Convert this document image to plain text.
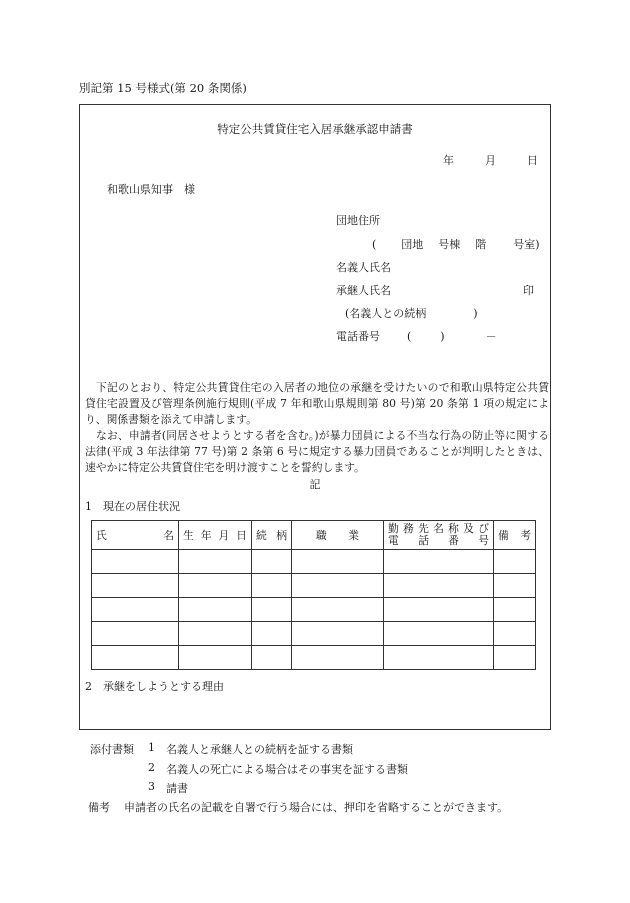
別記第 15 号様式(第 20 条関係)
特定公共賃貸住宅入居承継承認申請書
年	月	日
和歌山県知事　様
団地住所
( 団地 号棟 階 号室)
名義人氏名
承継人氏名	印
(名義人との続柄	)
電話番号 (	)	－
下記のとおり、特定公共賃貸住宅の入居者の地位の承継を受けたいので和歌山県特定公共賃貸住宅設置及び管理条例施行規則(平成 7 年和歌山県規則第 80 号)第 20 条第 1 項の規定により、関係書類を添えて申請します。
なお、申請者(同居させようとする者を含む。)が暴力団員による不当な行為の防止等に関する法律(平成 3 年法律第 77 号)第 2 条第 6 号に規定する暴力団員であることが判明したときは、速やかに特定公共賃貸住宅を明け渡すことを誓約します。
記
1　現在の居住状況
氏　　　名	生年月日	続柄	職　　業	勤務先名称及び
電話番号	備考

2　承継をしようとする理由
添付書類 1 名義人と承継人との続柄を証する書類
2 名義人の死亡による場合はその事実を証する書類
3 請書
備考 申請者の氏名の記載を自署で行う場合には、押印を省略することができます。
